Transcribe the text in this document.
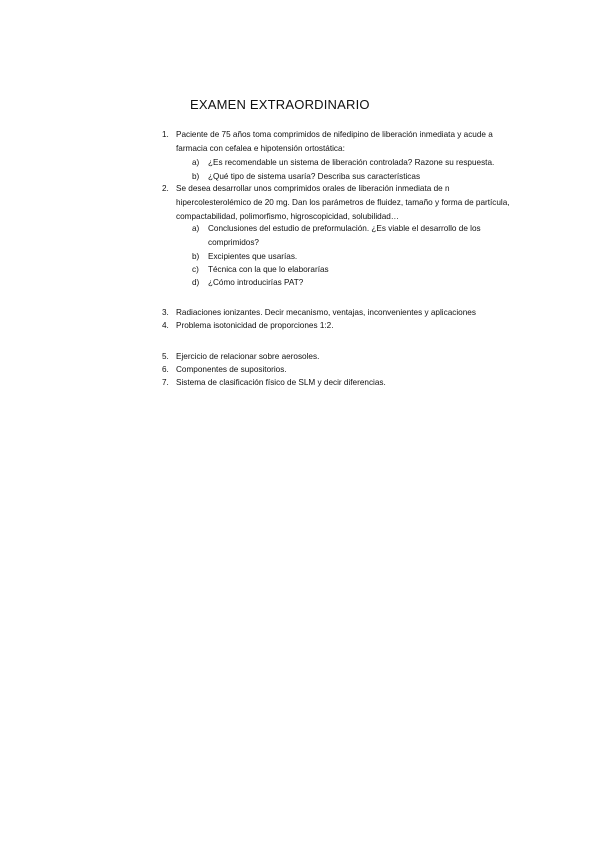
EXAMEN EXTRAORDINARIO
1. Paciente de 75 años toma comprimidos de nifedipino de liberación inmediata y acude a farmacia con cefalea e hipotensión ortostática:
a) ¿Es recomendable un sistema de liberación controlada? Razone su respuesta.
b) ¿Qué tipo de sistema usaría? Describa sus características
2. Se desea desarrollar unos comprimidos orales de liberación inmediata de n hipercolesterolémico de 20 mg. Dan los parámetros de fluidez, tamaño y forma de partícula, compactabilidad, polimorfismo, higroscopicidad, solubilidad…
a) Conclusiones del estudio de preformulación. ¿Es viable el desarrollo de los comprimidos?
b) Excipientes que usarías.
c) Técnica con la que lo elaborarías
d) ¿Cómo introducirías PAT?
3. Radiaciones ionizantes. Decir mecanismo, ventajas, inconvenientes y aplicaciones
4. Problema isotonicidad de proporciones 1:2.
5. Ejercicio de relacionar sobre aerosoles.
6. Componentes de supositorios.
7. Sistema de clasificación físico de SLM y decir diferencias.
